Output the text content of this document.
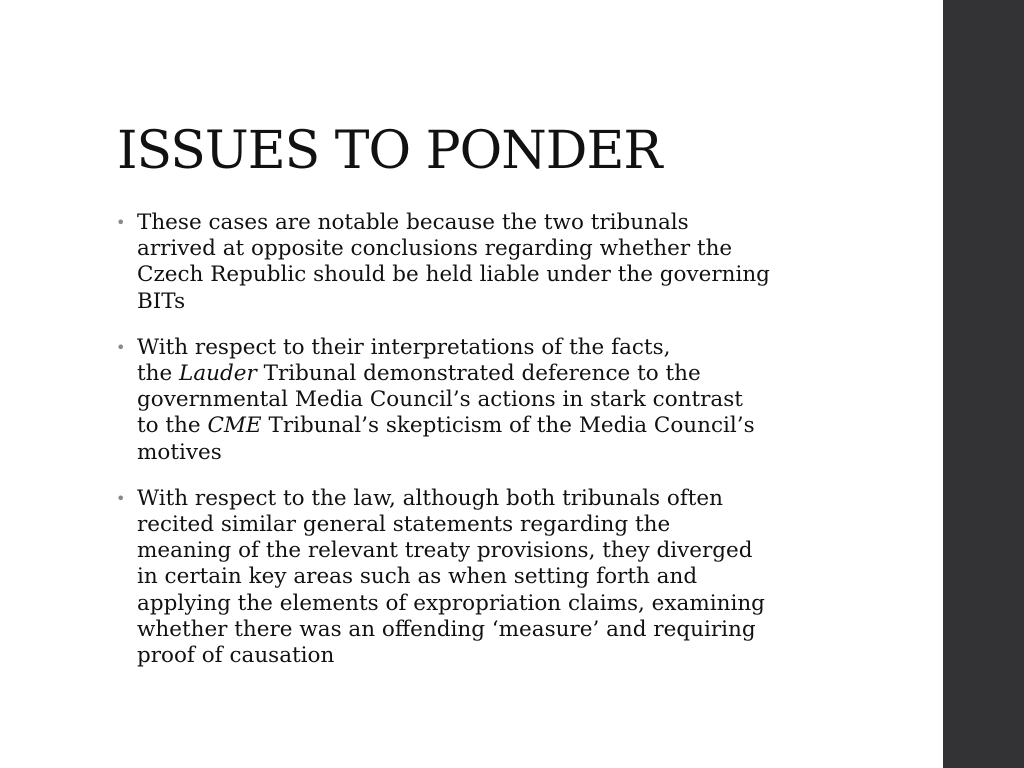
ISSUES TO PONDER
• These cases are notable because the two tribunals
arrived at opposite conclusions regarding whether the
Czech Republic should be held liable under the governing
BITs
• With respect to their interpretations of the facts,
the Lauder Tribunal demonstrated deference to the
governmental Media Council’s actions in stark contrast
to the CME Tribunal’s skepticism of the Media Council’s
motives
• With respect to the law, although both tribunals often
recited similar general statements regarding the
meaning of the relevant treaty provisions, they diverged
in certain key areas such as when setting forth and
applying the elements of expropriation claims, examining
whether there was an offending ‘measure’ and requiring
proof of causation
